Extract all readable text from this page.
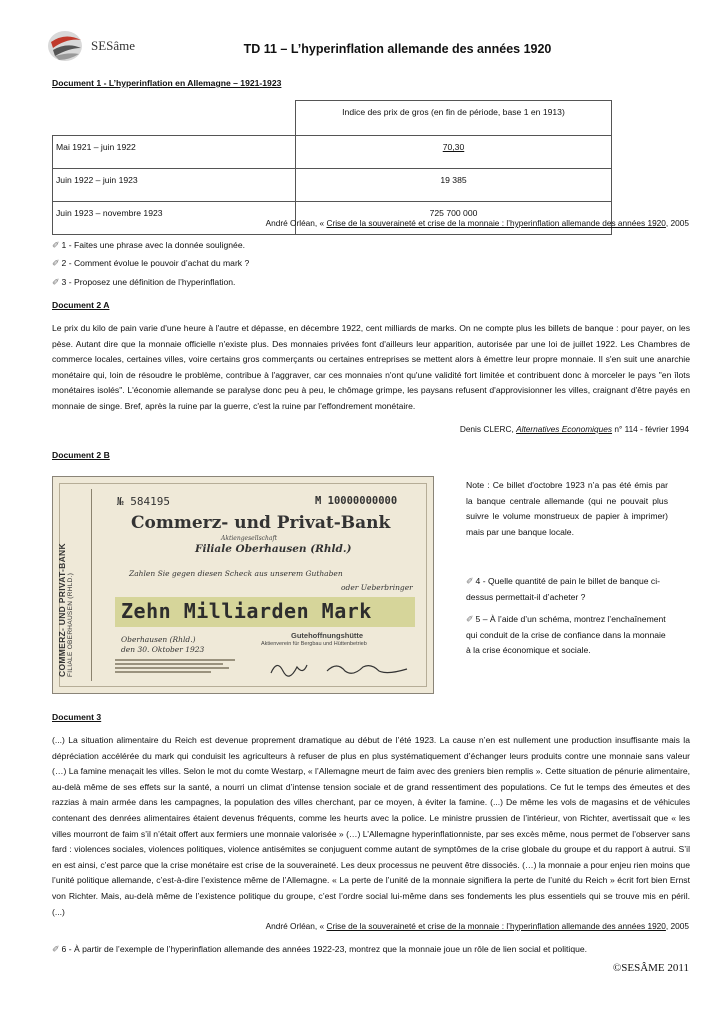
SESâme	TD 11 – L’hyperinflation allemande des années 1920
Document 1 - L’hyperinflation en Allemagne – 1921-1923
	Indice des prix de gros (en fin de période, base 1 en 1913)
Mai 1921 – juin 1922	70,30
Juin 1922 – juin 1923	19 385
Juin 1923 – novembre 1923	725 700 000
André Orléan, « Crise de la souveraineté et crise de la monnaie : l’hyperinflation allemande des années 1920, 2005
✐ 1 - Faites une phrase avec la donnée soulignée.
✐ 2 - Comment évolue le pouvoir d’achat du mark ?
✐ 3 - Proposez une définition de l’hyperinflation.
Document 2 A
Le prix du kilo de pain varie d'une heure à l'autre et dépasse, en décembre 1922, cent milliards de marks. On ne compte plus les billets de banque : pour payer, on les pèse. Autant dire que la monnaie officielle n'existe plus. Des monnaies privées font d'ailleurs leur apparition, autorisée par une loi de juillet 1922. Les Chambres de commerce locales, certaines villes, voire certains gros commerçants ou certaines entreprises se mettent alors à émettre leur propre monnaie. Il s'en suit une anarchie monétaire qui, loin de résoudre le problème, contribue à l'aggraver, car ces monnaies n'ont qu'une validité fort limitée et contribuent donc à morceler le pays "en îlots monétaires isolés". L'économie allemande se paralyse donc peu à peu, le chômage grimpe, les paysans refusent d'approvisionner les villes, craignant d'être payés en monnaie de singe. Bref, après la ruine par la guerre, c'est la ruine par l'effondrement monétaire.
Denis CLERC, Alternatives Economiques n° 114 - février 1994
Document 2 B
COMMERZ- UND PRIVAT-BANK FILIALE OBERHAUSEN (RHLD.)
№ 584195	M 10000000000
Commerz- und Privat-Bank
Aktiengesellschaft
Filiale Oberhausen (Rhld.)
Zahlen Sie gegen diesen Scheck aus unserem Guthaben
oder Ueberbringer
Zehn Milliarden Mark
Oberhausen (Rhld.)
den 30. Oktober 1923
Gutehoffnungshütte
Aktienverein für Bergbau und Hüttenbetrieb
Note : Ce billet d'octobre 1923 n’a pas été émis par la banque centrale allemande (qui ne pouvait plus suivre le volume monstrueux de papier à imprimer) mais par une banque locale.
✐ 4 - Quelle quantité de pain le billet de banque ci-dessus permettait-il d’acheter ?
✐ 5 – À l’aide d’un schéma, montrez l’enchaînement qui conduit de la crise de confiance dans la monnaie à la crise économique et sociale.
Document 3
(...) La situation alimentaire du Reich est devenue proprement dramatique au début de l’été 1923. La cause n’en est nullement une production insuffisante mais la dépréciation accélérée du mark qui conduisit les agriculteurs à refuser de plus en plus systématiquement d’échanger leurs produits contre une monnaie sans valeur (…) La famine menaçait les villes. Selon le mot du comte Westarp, « l’Allemagne meurt de faim avec des greniers bien remplis ». Cette situation de pénurie alimentaire, au-delà même de ses effets sur la santé, a nourri un climat d’intense tension sociale et de grand ressentiment des populations. Ce fut le temps des émeutes et des razzias à main armée dans les campagnes, la population des villes cherchant, par ce moyen, à éviter la famine. (...) De même les vols de magasins et de véhicules contenant des denrées alimentaires étaient devenus fréquents, comme les heurts avec la police. Le ministre prussien de l’intérieur, von Richter, avertissait que « les villes mourront de faim s’il n’était offert aux fermiers une monnaie valorisée » (…) L’Allemagne hyperinflationniste, par ses excès même, nous permet de l’observer sans fard : violences sociales, violences politiques, violence antisémites se conjuguent comme autant de symptômes de la crise globale du groupe et du rapport à autrui. S’il en est ainsi, c’est parce que la crise monétaire est crise de la souveraineté. Les deux processus ne peuvent être dissociés. (…) la monnaie a pour enjeu rien moins que l’unité politique allemande, c’est-à-dire l’existence même de l’Allemagne. « La perte de l’unité de la monnaie signifiera la perte de l’unité du Reich » écrit fort bien Ernst von Richter. Mais, au-delà même de l’existence politique du groupe, c’est l’ordre social lui-même dans ses fondements les plus essentiels qui se trouve mis en péril. (...)
André Orléan, « Crise de la souveraineté et crise de la monnaie : l’hyperinflation allemande des années 1920, 2005
✐ 6 - À partir de l’exemple de l’hyperinflation allemande des années 1922-23, montrez que la monnaie joue un rôle de lien social et politique.
©SESÂME 2011
